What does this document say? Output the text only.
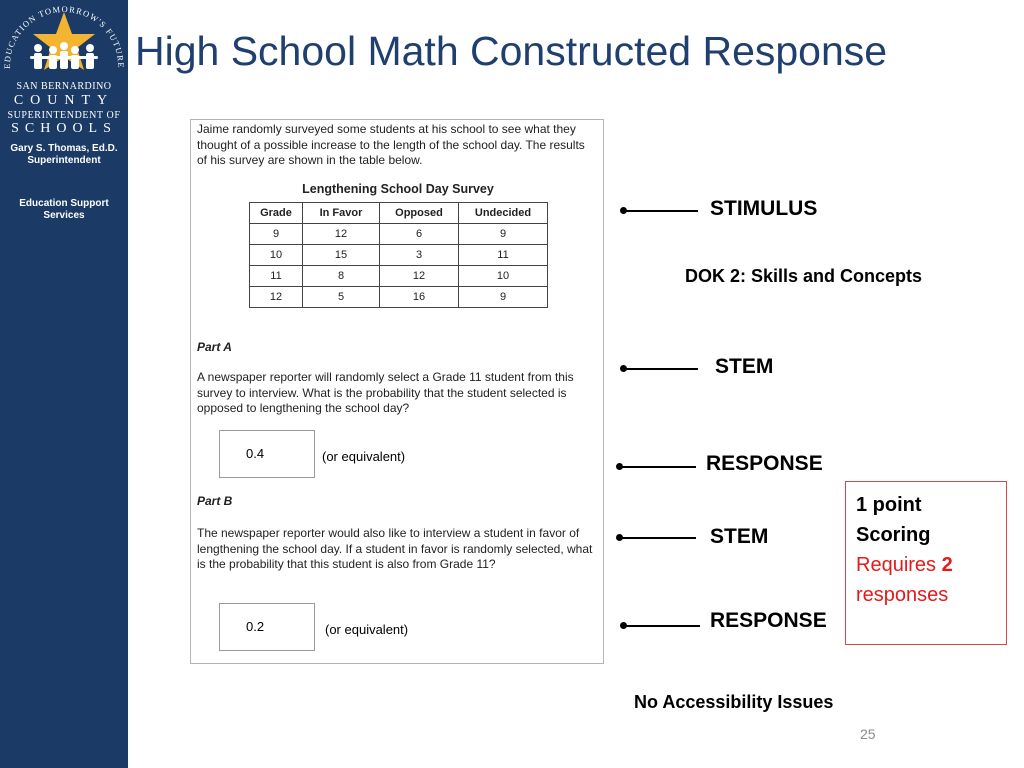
EDUCATION TOMORROW'S FUTURE
SAN BERNARDINO
COUNTY
SUPERINTENDENT OF
SCHOOLS
Gary S. Thomas, Ed.D. Superintendent
Education Support Services
High School Math Constructed Response
Jaime randomly surveyed some students at his school to see what they thought of a possible increase to the length of the school day. The results of his survey are shown in the table below.
Lengthening School Day Survey
Grade	In Favor	Opposed	Undecided
9	12	6	9
10	15	3	11
11	8	12	10
12	5	16	9
Part A
A newspaper reporter will randomly select a Grade 11 student from this survey to interview. What is the probability that the student selected is opposed to lengthening the school day?
0.4	(or equivalent)
Part B
The newspaper reporter would also like to interview a student in favor of lengthening the school day. If a student in favor is randomly selected, what is the probability that this student is also from Grade 11?
0.2	(or equivalent)
STIMULUS
DOK 2: Skills and Concepts
STEM
RESPONSE
STEM
RESPONSE
1 point
Scoring
Requires 2
responses
No Accessibility Issues
25
